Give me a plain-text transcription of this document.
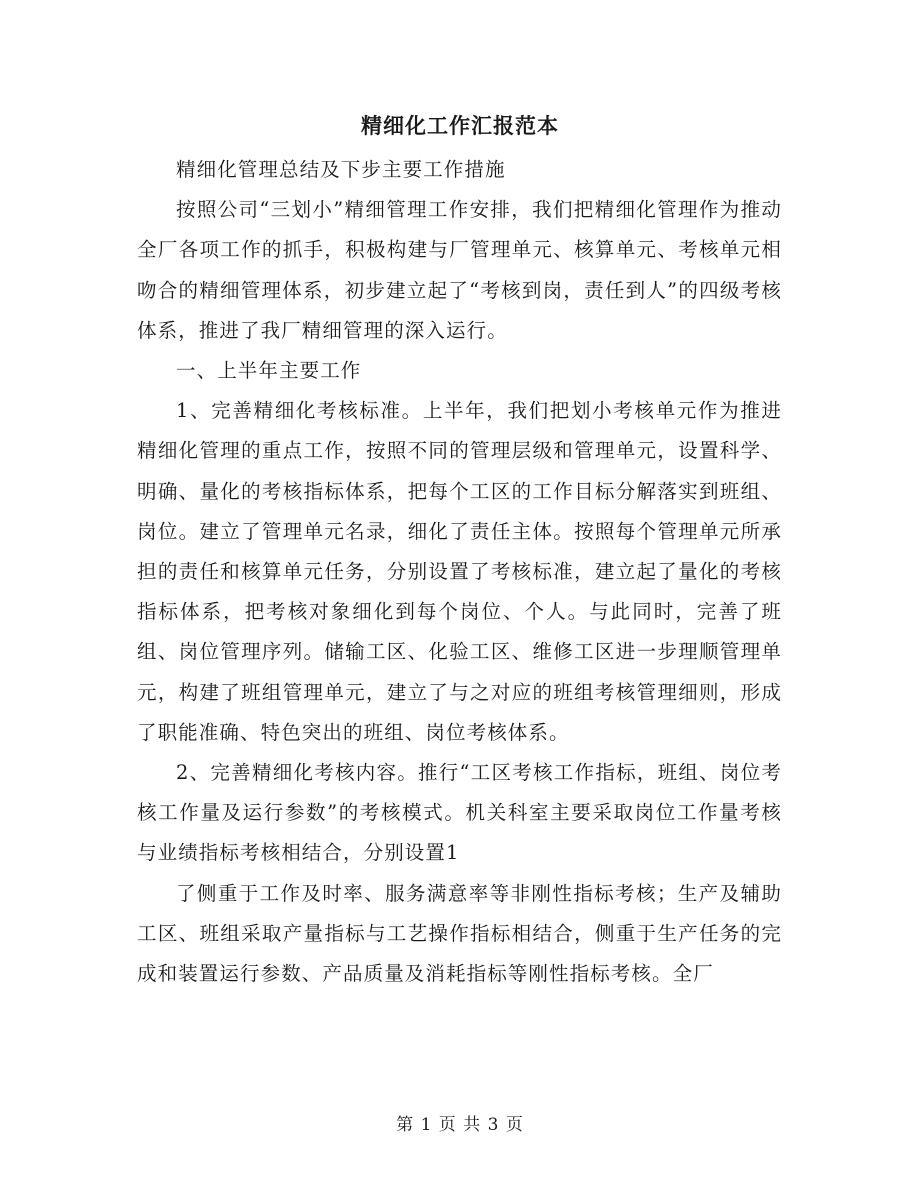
精细化工作汇报范本

精细化管理总结及下步主要工作措施

按照公司“三划小”精细管理工作安排，我们把精细化管理作为推动全厂各项工作的抓手，积极构建与厂管理单元、核算单元、考核单元相吻合的精细管理体系，初步建立起了“考核到岗，责任到人”的四级考核体系，推进了我厂精细管理的深入运行。

一、上半年主要工作

1、完善精细化考核标准。上半年，我们把划小考核单元作为推进精细化管理的重点工作，按照不同的管理层级和管理单元，设置科学、明确、量化的考核指标体系，把每个工区的工作目标分解落实到班组、岗位。建立了管理单元名录，细化了责任主体。按照每个管理单元所承担的责任和核算单元任务，分别设置了考核标准，建立起了量化的考核指标体系，把考核对象细化到每个岗位、个人。与此同时，完善了班组、岗位管理序列。储输工区、化验工区、维修工区进一步理顺管理单元，构建了班组管理单元，建立了与之对应的班组考核管理细则，形成了职能准确、特色突出的班组、岗位考核体系。

2、完善精细化考核内容。推行“工区考核工作指标，班组、岗位考核工作量及运行参数”的考核模式。机关科室主要采取岗位工作量考核与业绩指标考核相结合，分别设置1

了侧重于工作及时率、服务满意率等非刚性指标考核；生产及辅助工区、班组采取产量指标与工艺操作指标相结合，侧重于生产任务的完成和装置运行参数、产品质量及消耗指标等刚性指标考核。全厂

第 1 页 共 3 页
